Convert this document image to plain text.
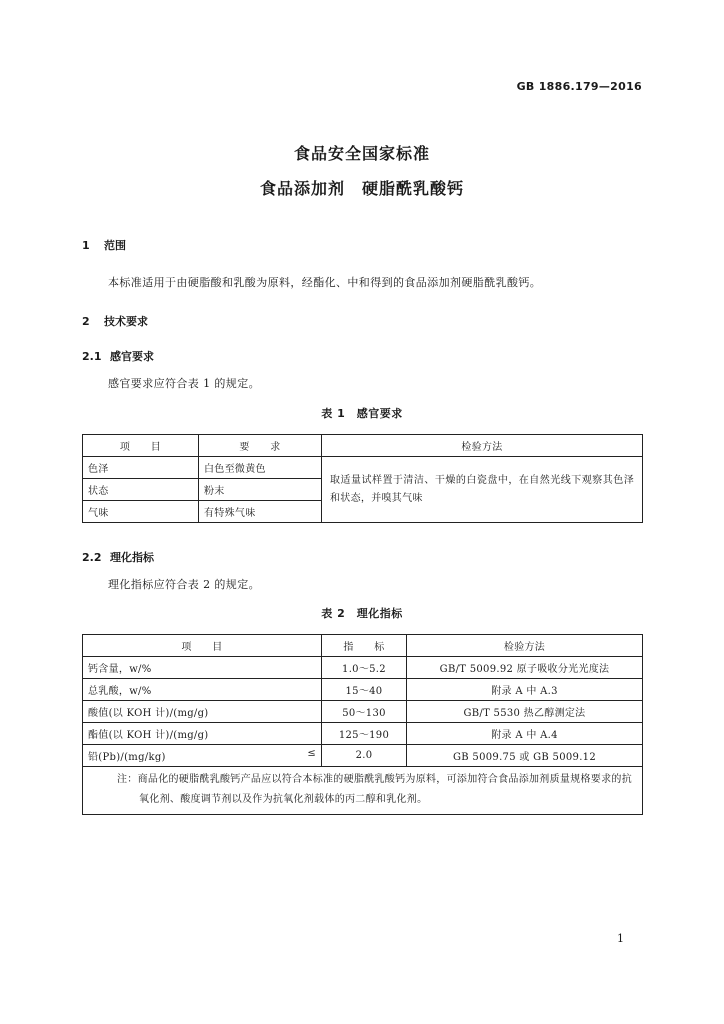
GB 1886.179—2016
食品安全国家标准
食品添加剂　硬脂酰乳酸钙
1 范围
本标准适用于由硬脂酸和乳酸为原料，经酯化、中和得到的食品添加剂硬脂酰乳酸钙。
2 技术要求
2.1 感官要求
感官要求应符合表 1 的规定。
表 1　感官要求
项　　目	要　　求	检验方法
色泽	白色至微黄色	取适量试样置于清洁、干燥的白瓷盘中，在自然光线下观察其色泽和状态，并嗅其气味
状态	粉末	
气味	有特殊气味	
2.2 理化指标
理化指标应符合表 2 的规定。
表 2　理化指标
项　　目	指　　标	检验方法
钙含量，w/%	1.0～5.2	GB/T 5009.92 原子吸收分光光度法
总乳酸，w/%	15～40	附录 A 中 A.3
酸值(以 KOH 计)/(mg/g)	50～130	GB/T 5530 热乙醇测定法
酯值(以 KOH 计)/(mg/g)	125～190	附录 A 中 A.4
铅(Pb)/(mg/kg) ≤	2.0	GB 5009.75 或 GB 5009.12
注：商品化的硬脂酰乳酸钙产品应以符合本标准的硬脂酰乳酸钙为原料，可添加符合食品添加剂质量规格要求的抗氧化剂、酸度调节剂以及作为抗氧化剂载体的丙二醇和乳化剂。		
1
